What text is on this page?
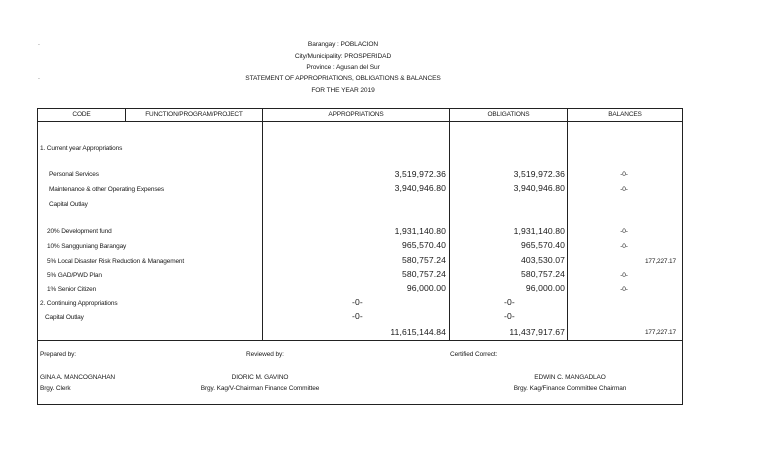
.
.
Barangay : POBLACION
City/Municipality: PROSPERIDAD
Province : Agusan del Sur
STATEMENT OF APPROPRIATIONS, OBLIGATIONS & BALANCES
FOR THE YEAR 2019
CODE	FUNCTION/PROGRAM/PROJECT	APPROPRIATIONS	OBLIGATIONS	BALANCES
1. Current year Appropriations
Personal Services	3,519,972.36	3,519,972.36	-0-
Maintenance & other Operating Expenses	3,940,946.80	3,940,946.80	-0-
Capital Outlay
20% Development fund	1,931,140.80	1,931,140.80	-0-
10% Sangguniang Barangay	965,570.40	965,570.40	-0-
5% Local Disaster Risk Reduction & Management	580,757.24	403,530.07	177,227.17
5% GAD/PWD Plan	580,757.24	580,757.24	-0-
1% Senior Citizen	96,000.00	96,000.00	-0-
2. Continuing Appropriations	-0-	-0-
Capital Outlay	-0-	-0-
11,615,144.84	11,437,917.67	177,227.17
Prepared by:	Reviewed by:	Certified Correct:
GINA A. MANCOGNAHAN
Brgy. Clerk
DIORIC M. GAVINO
Brgy. Kag/V-Chairman Finance Committee
EDWIN C. MANGADLAO
Brgy. Kag/Finance Committee Chairman
